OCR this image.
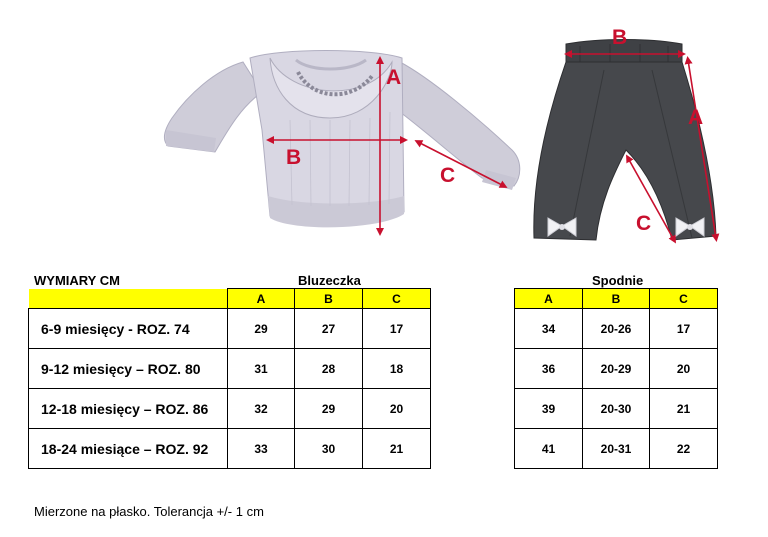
A
B
C
B
A
C
WYMIARY CM	Bluzeczka	Spodnie
	A	B	C
6-9 miesięcy - ROZ. 74	29	27	17
9-12 miesięcy – ROZ. 80	31	28	18
12-18 miesięcy – ROZ. 86	32	29	20
18-24 miesiące – ROZ. 92	33	30	21
A	B	C
34	20-26	17
36	20-29	20
39	20-30	21
41	20-31	22
Mierzone na płasko. Tolerancja +/- 1 cm
